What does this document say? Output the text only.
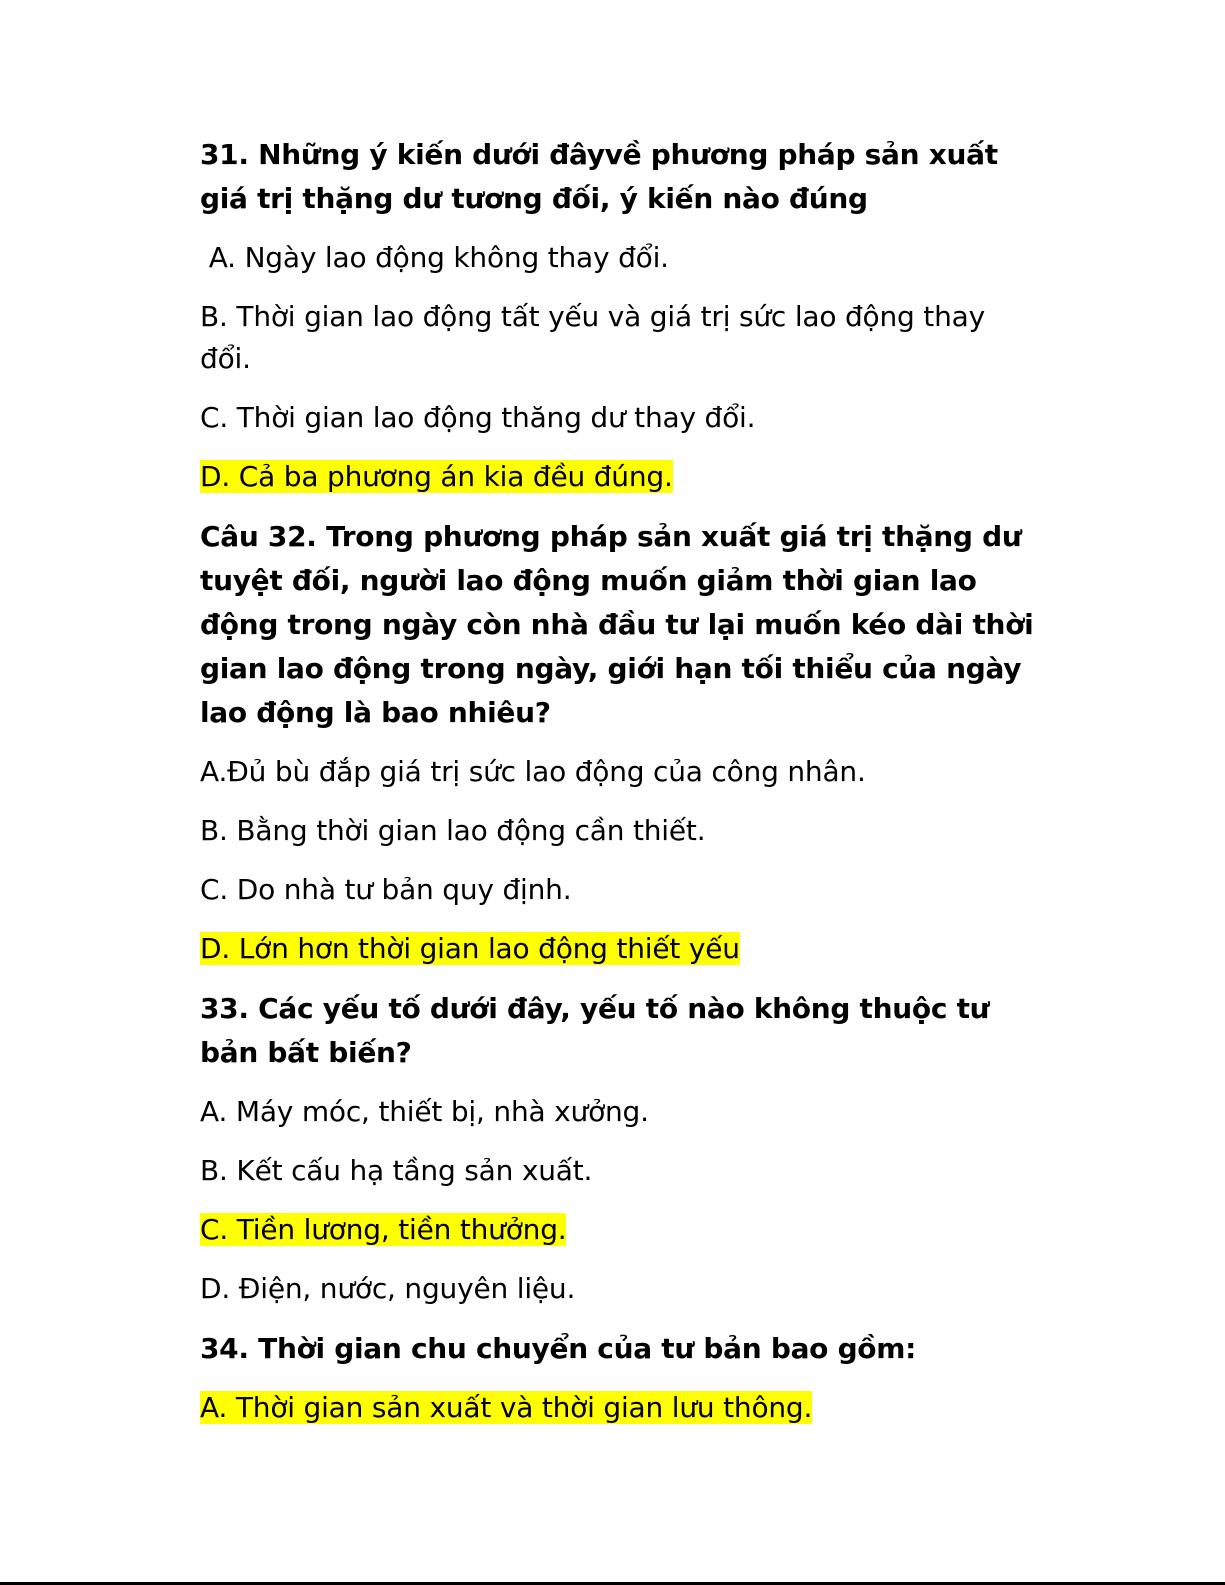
31. Những ý kiến dưới đâyvề phương pháp sản xuất giá trị thặng dư tương đối, ý kiến nào đúng
A. Ngày lao động không thay đổi.
B. Thời gian lao động tất yếu và giá trị sức lao động thay đổi.
C. Thời gian lao động thăng dư thay đổi.
D. Cả ba phương án kia đều đúng.
Câu 32. Trong phương pháp sản xuất giá trị thặng dư tuyệt đối, người lao động muốn giảm thời gian lao động trong ngày còn nhà đầu tư lại muốn kéo dài thời gian lao động trong ngày, giới hạn tối thiểu của ngày lao động là bao nhiêu?
A.Đủ bù đắp giá trị sức lao động của công nhân.
B. Bằng thời gian lao động cần thiết.
C. Do nhà tư bản quy định.
D. Lớn hơn thời gian lao động thiết yếu
33. Các yếu tố dưới đây, yếu tố nào không thuộc tư bản bất biến?
A. Máy móc, thiết bị, nhà xưởng.
B. Kết cấu hạ tầng sản xuất.
C. Tiền lương, tiền thưởng.
D. Điện, nước, nguyên liệu.
34. Thời gian chu chuyển của tư bản bao gồm:
A. Thời gian sản xuất và thời gian lưu thông.
